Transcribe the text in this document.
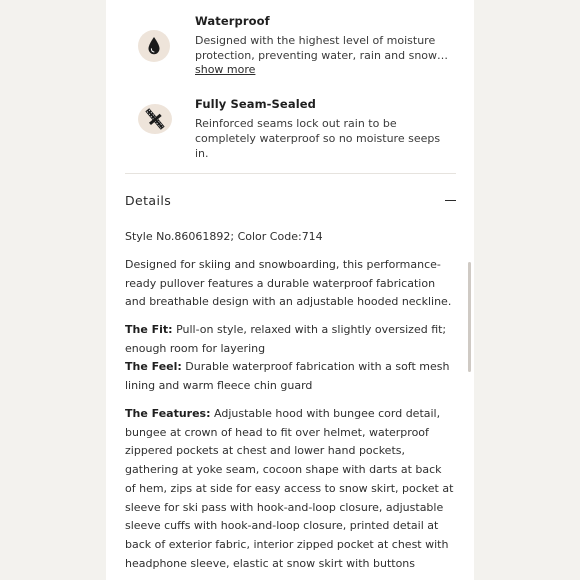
Waterproof
Designed with the highest level of moisture protection, preventing water, rain and snow
show more
Fully Seam-Sealed
Reinforced seams lock out rain to be completely waterproof so no moisture seeps in.
Details
Style No.86061892; Color Code:714
Designed for skiing and snowboarding, this performance-ready pullover features a durable waterproof fabrication and breathable design with an adjustable hooded neckline.
The Fit: Pull-on style, relaxed with a slightly oversized fit; enough room for layering
The Feel: Durable waterproof fabrication with a soft mesh lining and warm fleece chin guard
The Features: Adjustable hood with bungee cord detail, bungee at crown of head to fit over helmet, waterproof zippered pockets at chest and lower hand pockets, gathering at yoke seam, cocoon shape with darts at back of hem, zips at side for easy access to snow skirt, pocket at sleeve for ski pass with hook-and-loop closure, adjustable sleeve cuffs with hook-and-loop closure, printed detail at back of exterior fabric, interior zipped pocket at chest with headphone sleeve, elastic at snow skirt with buttons
